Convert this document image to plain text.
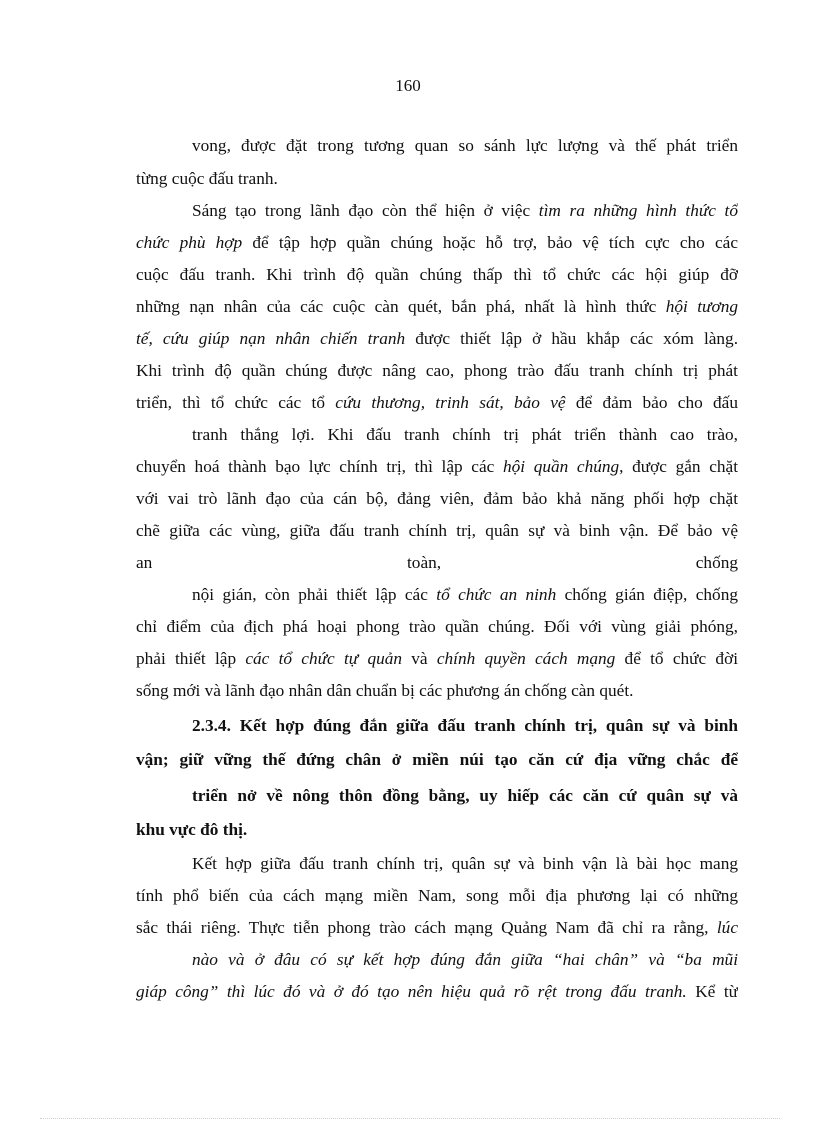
160
vong, được đặt trong tương quan so sánh lực lượng và thế phát triển
từng cuộc đấu tranh.
Sáng tạo trong lãnh đạo còn thể hiện ở việc tìm ra những hình thức tổ
chức phù hợp để tập hợp quần chúng hoặc hỗ trợ, bảo vệ tích cực cho các
cuộc đấu tranh. Khi trình độ quần chúng thấp thì tổ chức các hội giúp đỡ
những nạn nhân của các cuộc càn quét, bắn phá, nhất là hình thức hội tương
tế, cứu giúp nạn nhân chiến tranh được thiết lập ở hầu khắp các xóm làng.
Khi trình độ quần chúng được nâng cao, phong trào đấu tranh chính trị phát
triển, thì tổ chức các tổ cứu thương, trinh sát, bảo vệ để đảm bảo cho đấu
tranh thắng lợi. Khi đấu tranh chính trị phát triển thành cao trào,
chuyển hoá thành bạo lực chính trị, thì lập các hội quần chúng, được gắn chặt
với vai trò lãnh đạo của cán bộ, đảng viên, đảm bảo khả năng phối hợp chặt
chẽ giữa các vùng, giữa đấu tranh chính trị, quân sự và binh vận. Để bảo vệ
an toàn, chống
nội gián, còn phải thiết lập các tổ chức an ninh chống gián điệp, chống
chỉ điểm của địch phá hoại phong trào quần chúng. Đối với vùng giải phóng,
phải thiết lập các tổ chức tự quản và chính quyền cách mạng để tổ chức đời
sống mới và lãnh đạo nhân dân chuẩn bị các phương án chống càn quét.
2.3.4. Kết hợp đúng đắn giữa đấu tranh chính trị, quân sự và binh
vận; giữ vững thế đứng chân ở miền núi tạo căn cứ địa vững chắc để
triển nở về nông thôn đồng bằng, uy hiếp các căn cứ quân sự và
khu vực đô thị.
Kết hợp giữa đấu tranh chính trị, quân sự và binh vận là bài học mang
tính phổ biến của cách mạng miền Nam, song mỗi địa phương lại có những
sắc thái riêng. Thực tiễn phong trào cách mạng Quảng Nam đã chỉ ra rằng, lúc
nào và ở đâu có sự kết hợp đúng đắn giữa “hai chân” và “ba mũi
giáp công” thì lúc đó và ở đó tạo nên hiệu quả rõ rệt trong đấu tranh. Kể từ
